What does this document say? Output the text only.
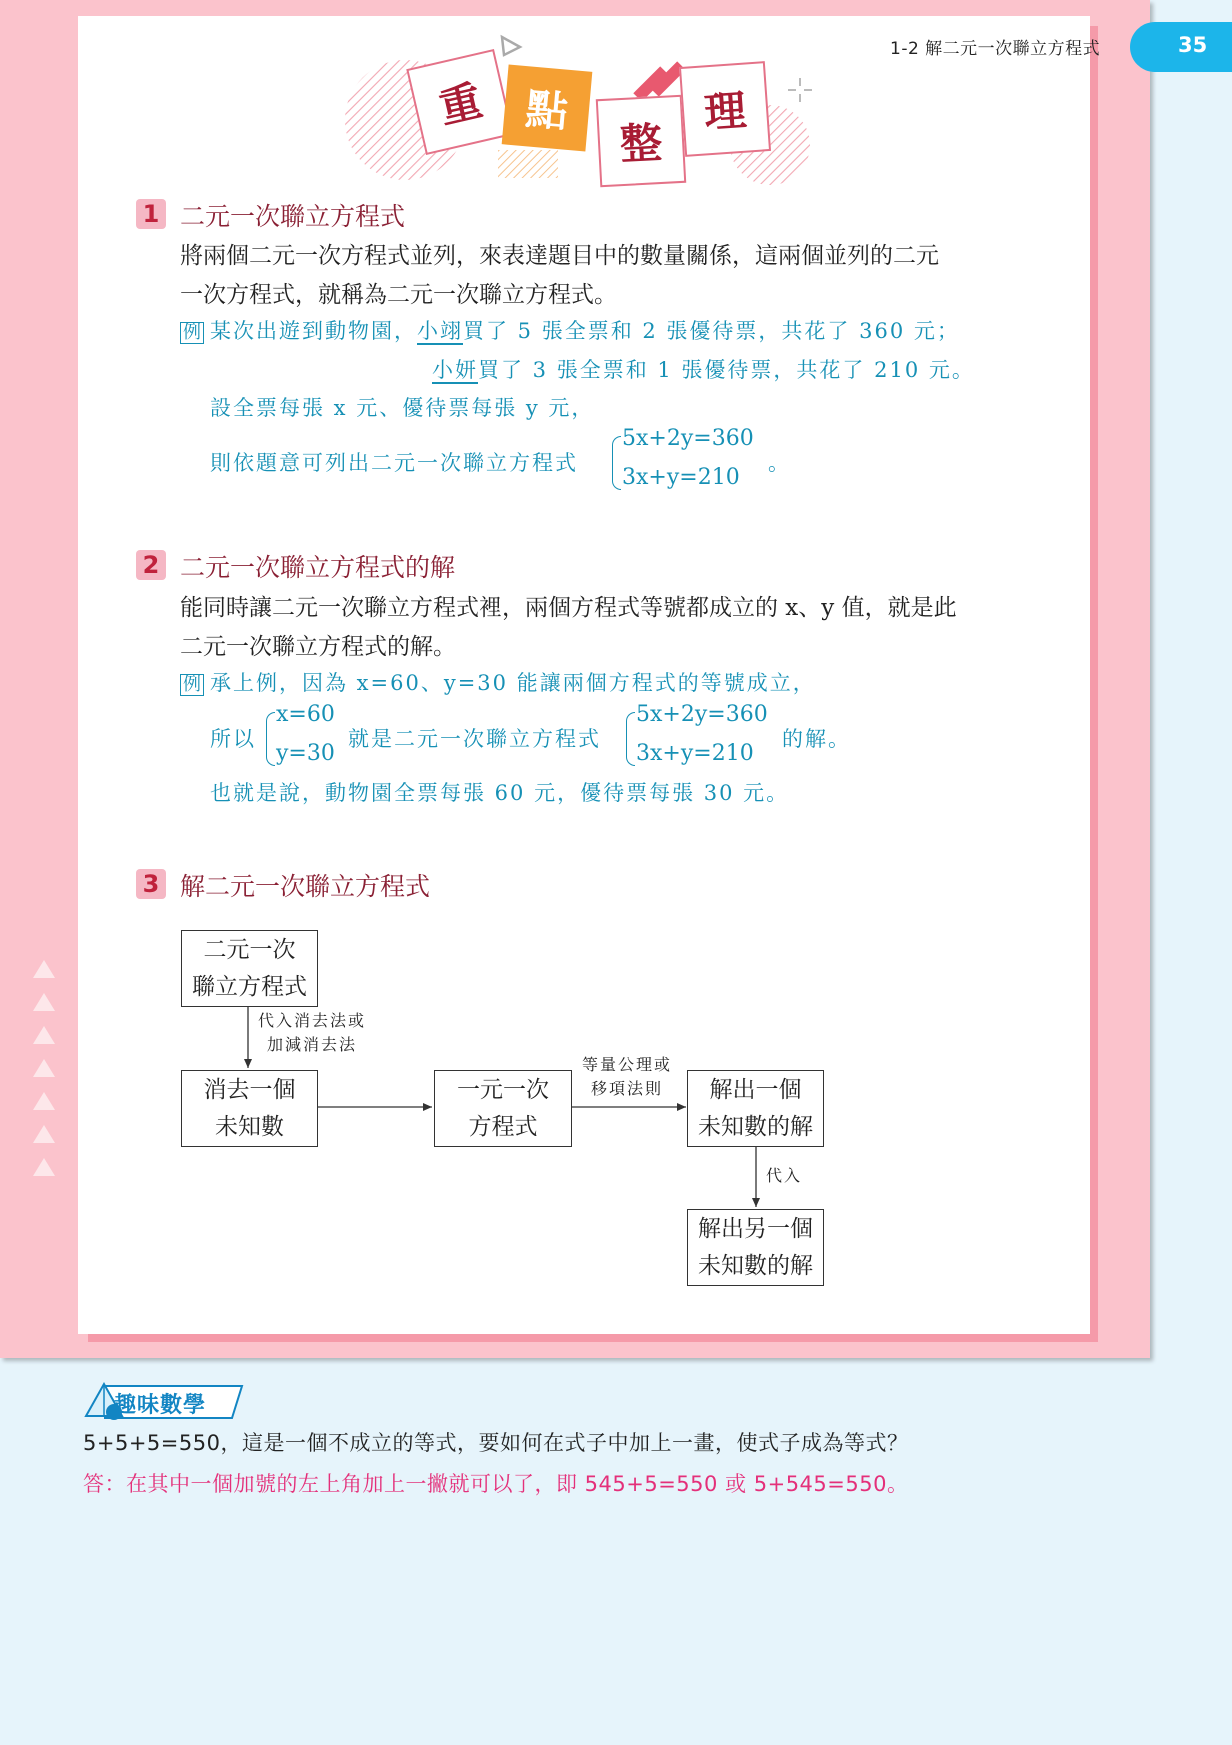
1-2 解二元一次聯立方程式	35
重 點
整
理
1 二元一次聯立方程式
將兩個二元一次方程式並列，來表達題目中的數量關係，這兩個並列的二元
一次方程式，就稱為二元一次聯立方程式。
例 某次出遊到動物園，小翊買了 5 張全票和 2 張優待票，共花了 360 元；
小妍買了 3 張全票和 1 張優待票，共花了 210 元。
設全票每張 x 元、優待票每張 y 元，
則依題意可列出二元一次聯立方程式
5x+2y=360
3x+y=210
。
2 二元一次聯立方程式的解
能同時讓二元一次聯立方程式裡，兩個方程式等號都成立的 x、y 值，就是此
二元一次聯立方程式的解。
例 承上例，因為 x=60、y=30 能讓兩個方程式的等號成立，
所以
x=60
y=30
就是二元一次聯立方程式
5x+2y=360
3x+y=210
的解。
也就是說，動物園全票每張 60 元，優待票每張 30 元。
3 解二元一次聯立方程式
二元一次
聯立方程式
代入消去法或
加減消去法
消去一個
未知數
一元一次
方程式
等量公理或
移項法則	解出一個
未知數的解
代入
解出另一個
未知數的解
趣味數學
5+5+5=550，這是一個不成立的等式，要如何在式子中加上一畫，使式子成為等式？
答：在其中一個加號的左上角加上一撇就可以了，即 545+5=550 或 5+545=550。
